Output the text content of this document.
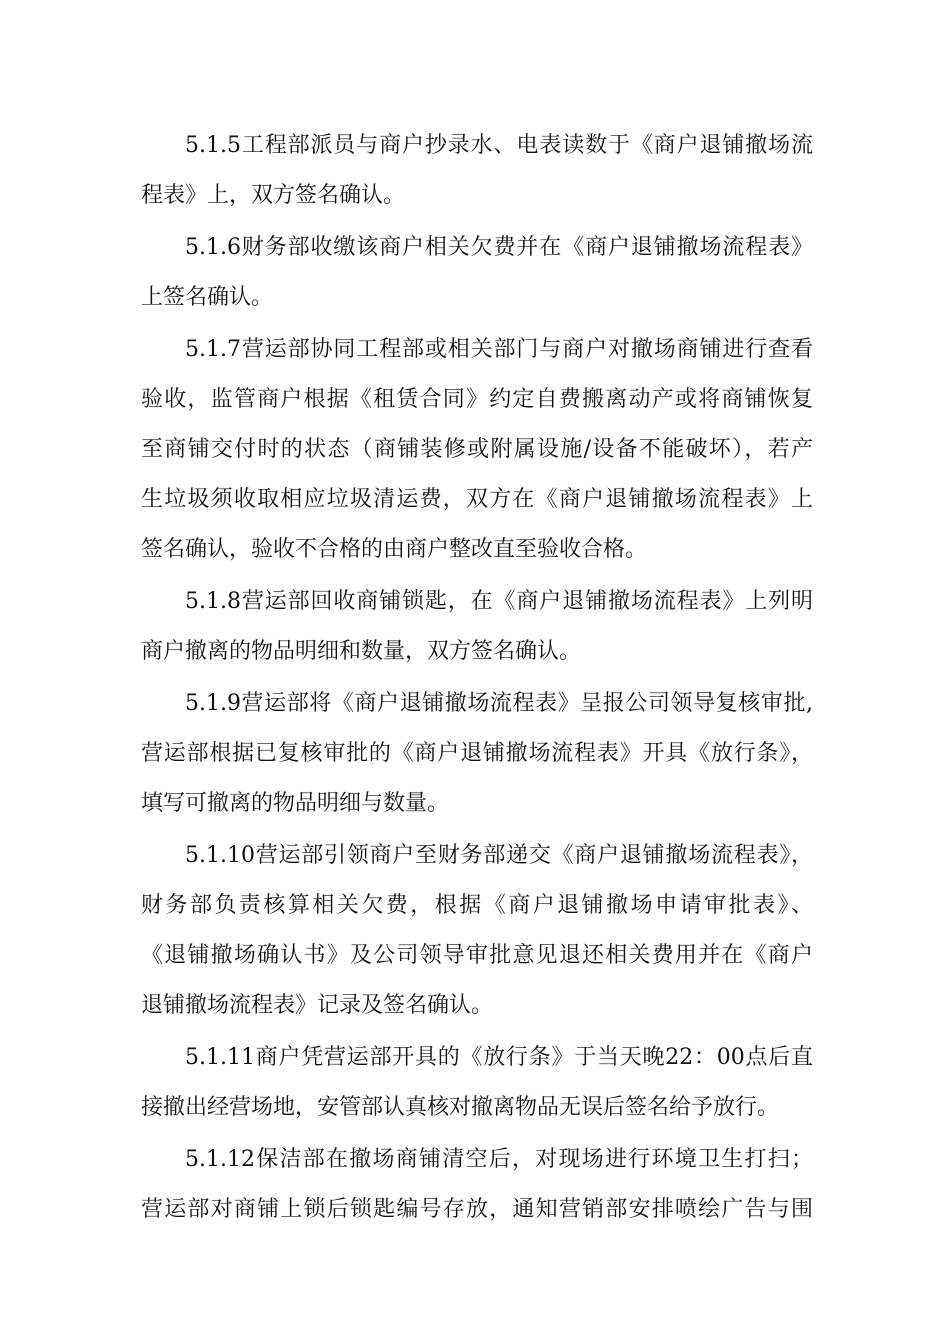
5.1.5工程部派员与商户抄录水、电表读数于《商户退铺撤场流
程表》上，双方签名确认。

5.1.6财务部收缴该商户相关欠费并在《商户退铺撤场流程表》
上签名确认。

5.1.7营运部协同工程部或相关部门与商户对撤场商铺进行查看
验收，监管商户根据《租赁合同》约定自费搬离动产或将商铺恢复
至商铺交付时的状态（商铺装修或附属设施/设备不能破坏），若产
生垃圾须收取相应垃圾清运费，双方在《商户退铺撤场流程表》上
签名确认，验收不合格的由商户整改直至验收合格。

5.1.8营运部回收商铺锁匙，在《商户退铺撤场流程表》上列明
商户撤离的物品明细和数量，双方签名确认。

5.1.9营运部将《商户退铺撤场流程表》呈报公司领导复核审批,
营运部根据已复核审批的《商户退铺撤场流程表》开具《放行条》，
填写可撤离的物品明细与数量。

5.1.10营运部引领商户至财务部递交《商户退铺撤场流程表》，
财务部负责核算相关欠费，根据《商户退铺撤场申请审批表》、
《退铺撤场确认书》及公司领导审批意见退还相关费用并在《商户
退铺撤场流程表》记录及签名确认。

5.1.11商户凭营运部开具的《放行条》于当天晚22：00点后直
接撤出经营场地，安管部认真核对撤离物品无误后签名给予放行。

5.1.12保洁部在撤场商铺清空后，对现场进行环境卫生打扫；
营运部对商铺上锁后锁匙编号存放，通知营销部安排喷绘广告与围
